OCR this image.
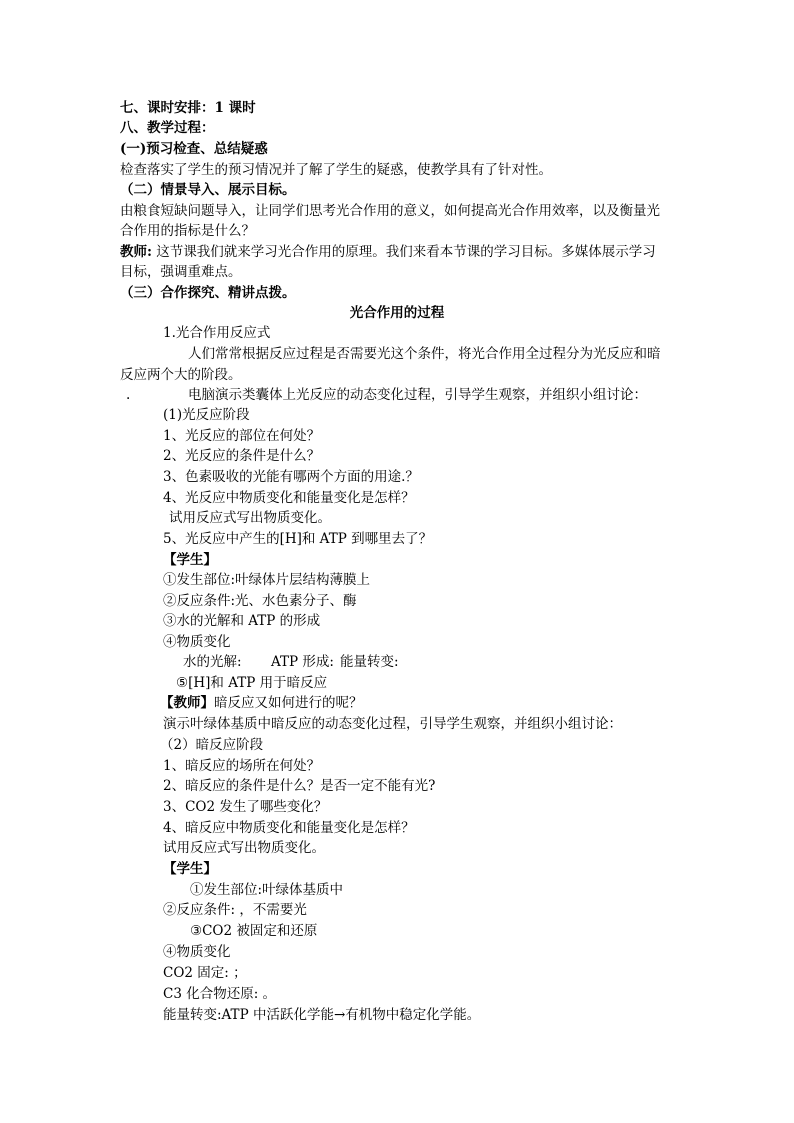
七、课时安排：1 课时
八、教学过程：
(一)预习检查、总结疑惑
检查落实了学生的预习情况并了解了学生的疑惑，使教学具有了针对性。
（二）情景导入、展示目标。
由粮食短缺问题导入，让同学们思考光合作用的意义，如何提高光合作用效率，以及衡量光
合作用的指标是什么？
教师: 这节课我们就来学习光合作用的原理。我们来看本节课的学习目标。多媒体展示学习
目标，强调重难点。
（三）合作探究、精讲点拨。
光合作用的过程
1.光合作用反应式
人们常常根据反应过程是否需要光这个条件，将光合作用全过程分为光反应和暗
反应两个大的阶段。
.	电脑演示类囊体上光反应的动态变化过程，引导学生观察，并组织小组讨论：
(1)光反应阶段
1、光反应的部位在何处？
2、光反应的条件是什么？
3、色素吸收的光能有哪两个方面的用途.？
4、光反应中物质变化和能量变化是怎样？
试用反应式写出物质变化。
5、光反应中产生的[H]和 ATP 到哪里去了？
【学生】
①发生部位:叶绿体片层结构薄膜上
②反应条件:光、水色素分子、酶
③水的光解和 ATP 的形成
④物质变化
水的光解: ATP 形成: 能量转变:
⑤[H]和 ATP 用于暗反应
【教师】暗反应又如何进行的呢？
演示叶绿体基质中暗反应的动态变化过程，引导学生观察，并组织小组讨论：
（2）暗反应阶段
1、暗反应的场所在何处？
2、暗反应的条件是什么？是否一定不能有光?
3、CO2 发生了哪些变化？
4、暗反应中物质变化和能量变化是怎样？
试用反应式写出物质变化。
【学生】
①发生部位:叶绿体基质中
②反应条件: ，不需要光
③CO2 被固定和还原
④物质变化
CO2 固定: ；
C3 化合物还原: 。
能量转变:ATP 中活跃化学能→有机物中稳定化学能。
